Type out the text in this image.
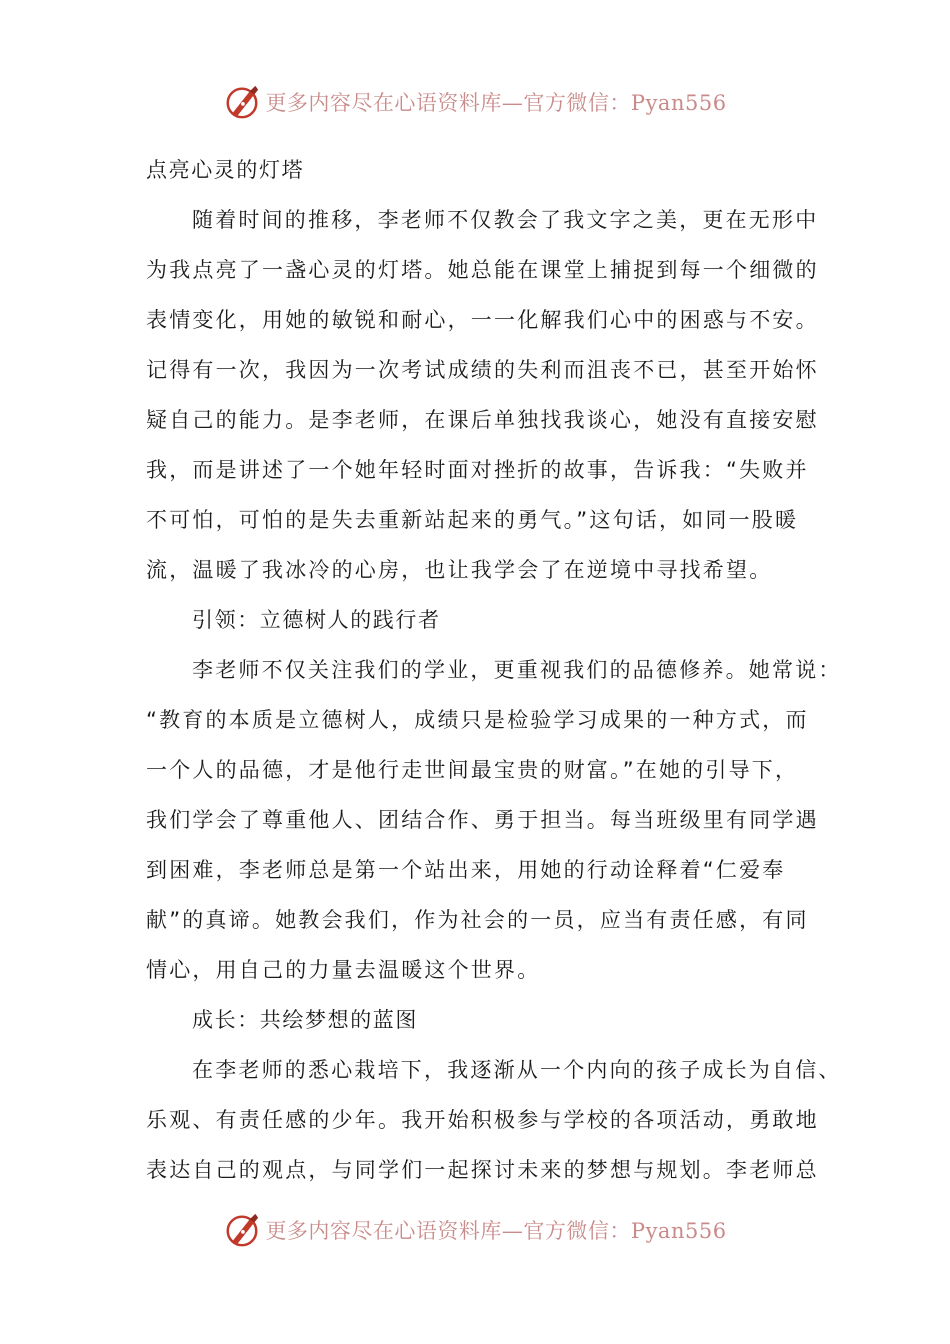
更多内容尽在心语资料库—官方微信：Pyan556
点亮心灵的灯塔
随着时间的推移，李老师不仅教会了我文字之美，更在无形中
为我点亮了一盏心灵的灯塔。她总能在课堂上捕捉到每一个细微的
表情变化，用她的敏锐和耐心，一一化解我们心中的困惑与不安。
记得有一次，我因为一次考试成绩的失利而沮丧不已，甚至开始怀
疑自己的能力。是李老师，在课后单独找我谈心，她没有直接安慰
我，而是讲述了一个她年轻时面对挫折的故事，告诉我：“失败并
不可怕，可怕的是失去重新站起来的勇气。”这句话，如同一股暖
流，温暖了我冰冷的心房，也让我学会了在逆境中寻找希望。
引领：立德树人的践行者
李老师不仅关注我们的学业，更重视我们的品德修养。她常说：
“教育的本质是立德树人，成绩只是检验学习成果的一种方式，而
一个人的品德，才是他行走世间最宝贵的财富。”在她的引导下，
我们学会了尊重他人、团结合作、勇于担当。每当班级里有同学遇
到困难，李老师总是第一个站出来，用她的行动诠释着“仁爱奉
献”的真谛。她教会我们，作为社会的一员，应当有责任感，有同
情心，用自己的力量去温暖这个世界。
成长：共绘梦想的蓝图
在李老师的悉心栽培下，我逐渐从一个内向的孩子成长为自信、
乐观、有责任感的少年。我开始积极参与学校的各项活动，勇敢地
表达自己的观点，与同学们一起探讨未来的梦想与规划。李老师总
更多内容尽在心语资料库—官方微信：Pyan556
